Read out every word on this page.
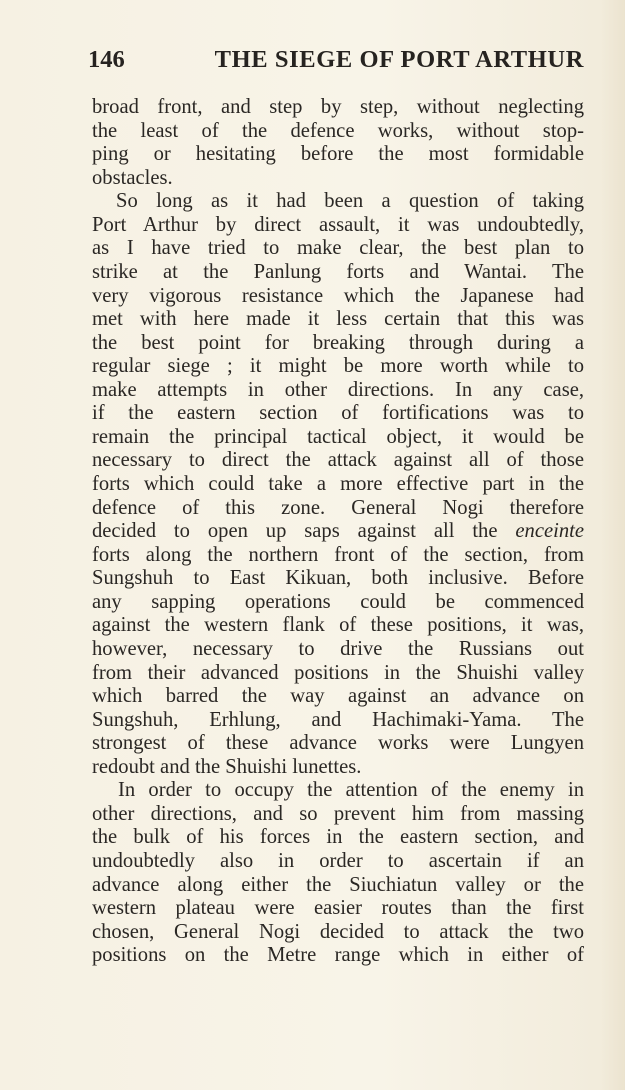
146	THE SIEGE OF PORT ARTHUR
broad front, and step by step, without neglecting
the least of the defence works, without stop-
ping or hesitating before the most formidable
obstacles.
So long as it had been a question of taking
Port Arthur by direct assault, it was undoubtedly,
as I have tried to make clear, the best plan to
strike at the Panlung forts and Wantai. The
very vigorous resistance which the Japanese had
met with here made it less certain that this was
the best point for breaking through during a
regular siege ; it might be more worth while to
make attempts in other directions. In any case,
if the eastern section of fortifications was to
remain the principal tactical object, it would be
necessary to direct the attack against all of those
forts which could take a more effective part in the
defence of this zone. General Nogi therefore
decided to open up saps against all the enceinte
forts along the northern front of the section, from
Sungshuh to East Kikuan, both inclusive. Before
any sapping operations could be commenced
against the western flank of these positions, it was,
however, necessary to drive the Russians out
from their advanced positions in the Shuishi valley
which barred the way against an advance on
Sungshuh, Erhlung, and Hachimaki-Yama. The
strongest of these advance works were Lungyen
redoubt and the Shuishi lunettes.
In order to occupy the attention of the enemy in
other directions, and so prevent him from massing
the bulk of his forces in the eastern section, and
undoubtedly also in order to ascertain if an
advance along either the Siuchiatun valley or the
western plateau were easier routes than the first
chosen, General Nogi decided to attack the two
positions on the Metre range which in either of
